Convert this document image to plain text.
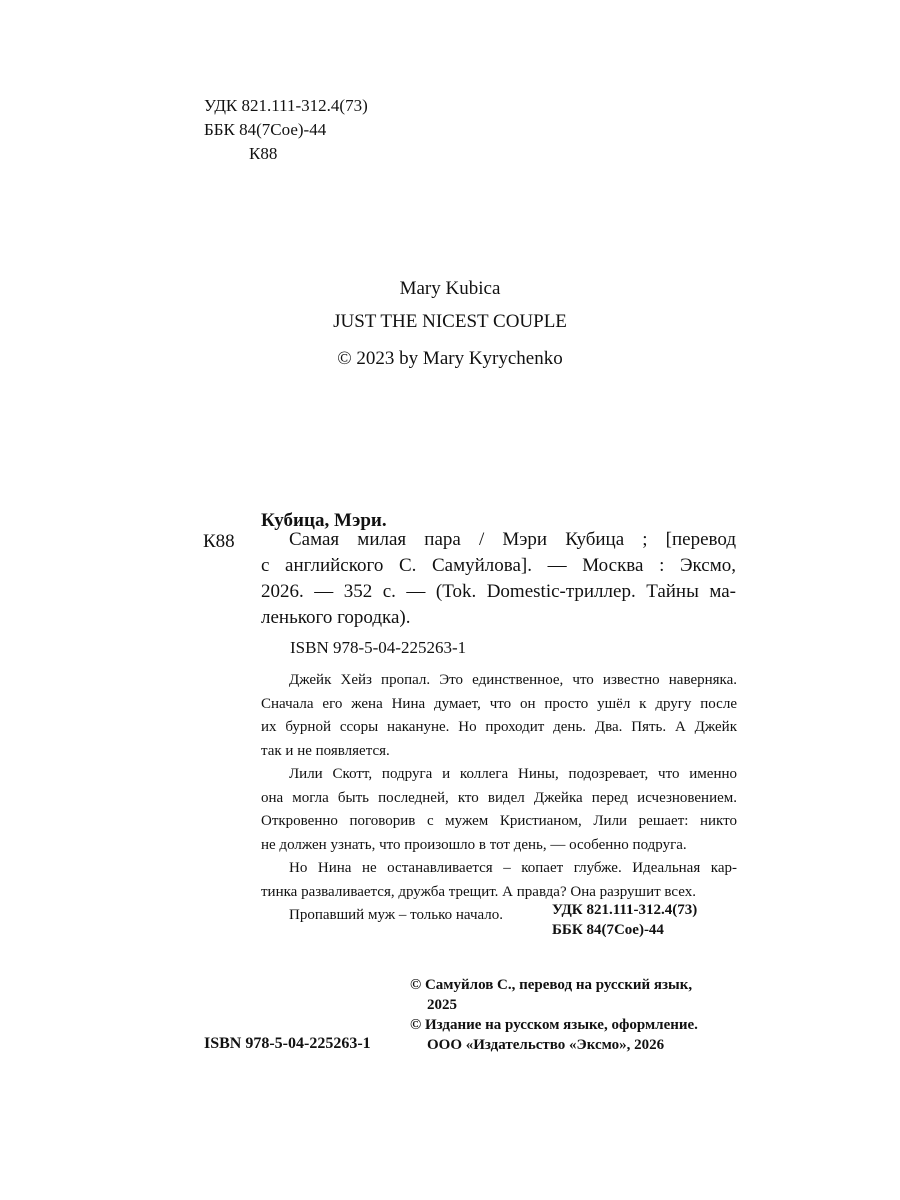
УДК 821.111-312.4(73)
ББК 84(7Сое)-44
К88
Mary Kubica
JUST THE NICEST COUPLE
© 2023 by Mary Kyrychenko
Кубица, Мэри.
К88	Самая милая пара / Мэри Кубица ; [перевод
с английского С. Самуйлова]. — Москва : Эксмо,
2026. — 352 с. — (Tok. Domestic-триллер. Тайны ма-
ленького городка).
ISBN 978-5-04-225263-1
Джейк Хейз пропал. Это единственное, что известно наверняка.
Сначала его жена Нина думает, что он просто ушёл к другу после
их бурной ссоры накануне. Но проходит день. Два. Пять. А Джейк
так и не появляется.
Лили Скотт, подруга и коллега Нины, подозревает, что именно
она могла быть последней, кто видел Джейка перед исчезновением.
Откровенно поговорив с мужем Кристианом, Лили решает: никто
не должен узнать, что произошло в тот день, — особенно подруга.
Но Нина не останавливается – копает глубже. Идеальная кар-
тинка разваливается, дружба трещит. А правда? Она разрушит всех.
Пропавший муж – только начало.	УДК 821.111-312.4(73)
ББК 84(7Сое)-44
© Самуйлов С., перевод на русский язык,
2025
© Издание на русском языке, оформление.
ООО «Издательство «Эксмо», 2026
ISBN 978-5-04-225263-1
